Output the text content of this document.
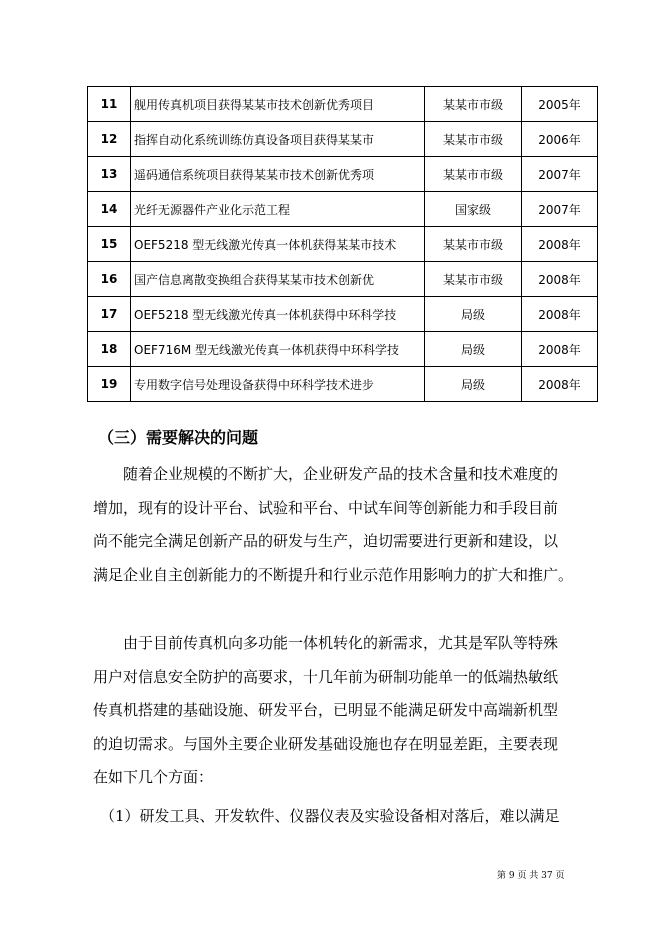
11	舰用传真机项目获得某某市技术创新优秀项目	某某市市级	2005年
12	指挥自动化系统训练仿真设备项目获得某某市	某某市市级	2006年
13	遥码通信系统项目获得某某市技术创新优秀项	某某市市级	2007年
14	光纤无源器件产业化示范工程	国家级	2007年
15	OEF5218 型无线激光传真一体机获得某某市技术	某某市市级	2008年
16	国产信息离散变换组合获得某某市技术创新优	某某市市级	2008年
17	OEF5218 型无线激光传真一体机获得中环科学技	局级	2008年
18	OEF716M 型无线激光传真一体机获得中环科学技	局级	2008年
19	专用数字信号处理设备获得中环科学技术进步	局级	2008年
（三）需要解决的问题

　　随着企业规模的不断扩大，企业研发产品的技术含量和技术难度的
增加，现有的设计平台、试验和平台、中试车间等创新能力和手段目前
尚不能完全满足创新产品的研发与生产，迫切需要进行更新和建设，以
满足企业自主创新能力的不断提升和行业示范作用影响力的扩大和推广。

　　由于目前传真机向多功能一体机转化的新需求，尤其是军队等特殊
用户对信息安全防护的高要求，十几年前为研制功能单一的低端热敏纸
传真机搭建的基础设施、研发平台，已明显不能满足研发中高端新机型
的迫切需求。与国外主要企业研发基础设施也存在明显差距，主要表现
在如下几个方面：

（1）研发工具、开发软件、仪器仪表及实验设备相对落后，难以满足

第 9 页 共 37 页
